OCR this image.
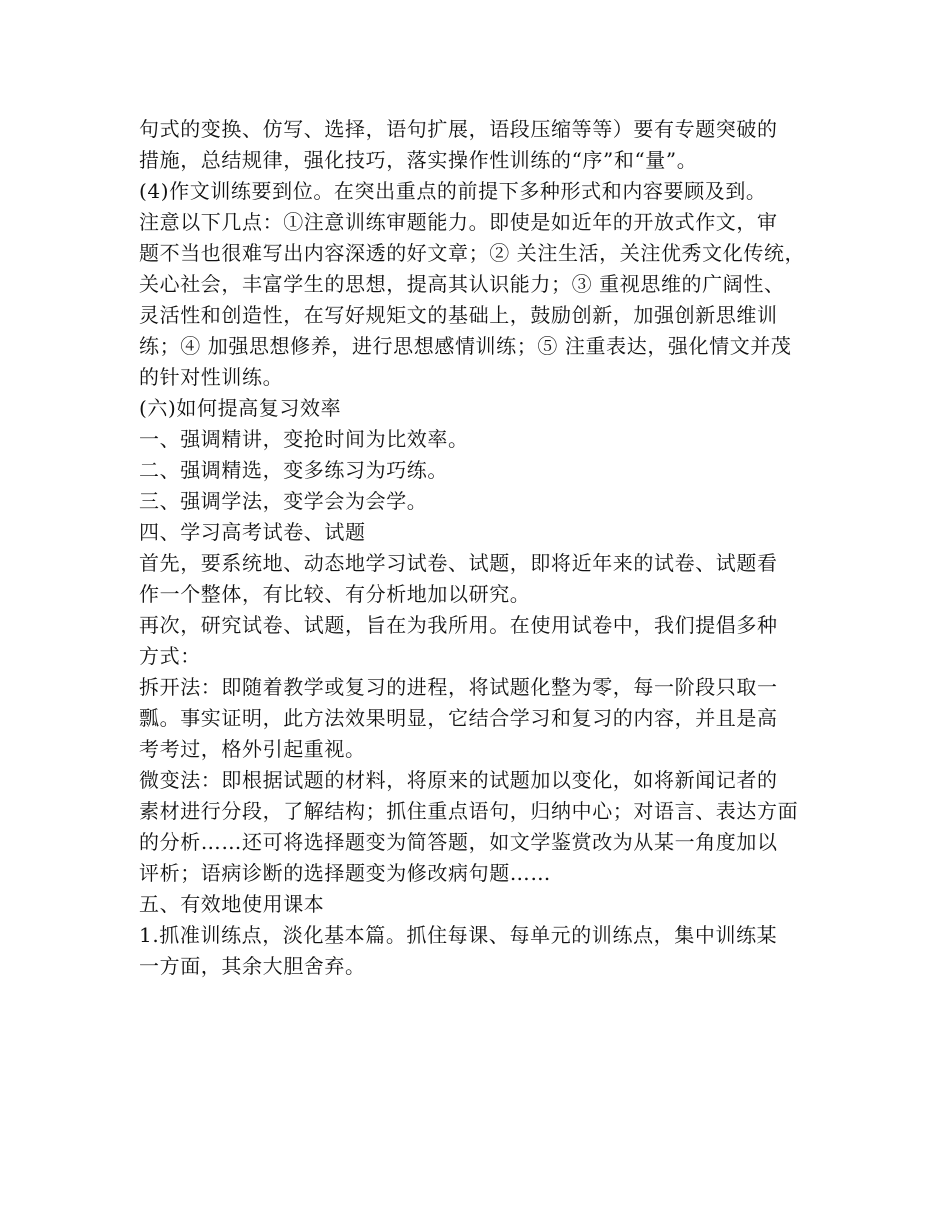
句式的变换、仿写、选择，语句扩展，语段压缩等等）要有专题突破的
措施，总结规律，强化技巧，落实操作性训练的“序”和“量”。
(4)作文训练要到位。在突出重点的前提下多种形式和内容要顾及到。
注意以下几点：①注意训练审题能力。即使是如近年的开放式作文，审
题不当也很难写出内容深透的好文章；② 关注生活，关注优秀文化传统，
关心社会，丰富学生的思想，提高其认识能力；③ 重视思维的广阔性、
灵活性和创造性，在写好规矩文的基础上，鼓励创新，加强创新思维训
练；④ 加强思想修养，进行思想感情训练；⑤ 注重表达，强化情文并茂
的针对性训练。
(六)如何提高复习效率
一、强调精讲，变抢时间为比效率。
二、强调精选，变多练习为巧练。
三、强调学法，变学会为会学。
四、学习高考试卷、试题
首先，要系统地、动态地学习试卷、试题，即将近年来的试卷、试题看
作一个整体，有比较、有分析地加以研究。
再次，研究试卷、试题，旨在为我所用。在使用试卷中，我们提倡多种
方式：
拆开法：即随着教学或复习的进程，将试题化整为零，每一阶段只取一
瓢。事实证明，此方法效果明显，它结合学习和复习的内容，并且是高
考考过，格外引起重视。
微变法：即根据试题的材料，将原来的试题加以变化，如将新闻记者的
素材进行分段，了解结构；抓住重点语句，归纳中心；对语言、表达方面
的分析……还可将选择题变为简答题，如文学鉴赏改为从某一角度加以
评析；语病诊断的选择题变为修改病句题……
五、有效地使用课本
1.抓准训练点，淡化基本篇。抓住每课、每单元的训练点，集中训练某
一方面，其余大胆舍弃。
